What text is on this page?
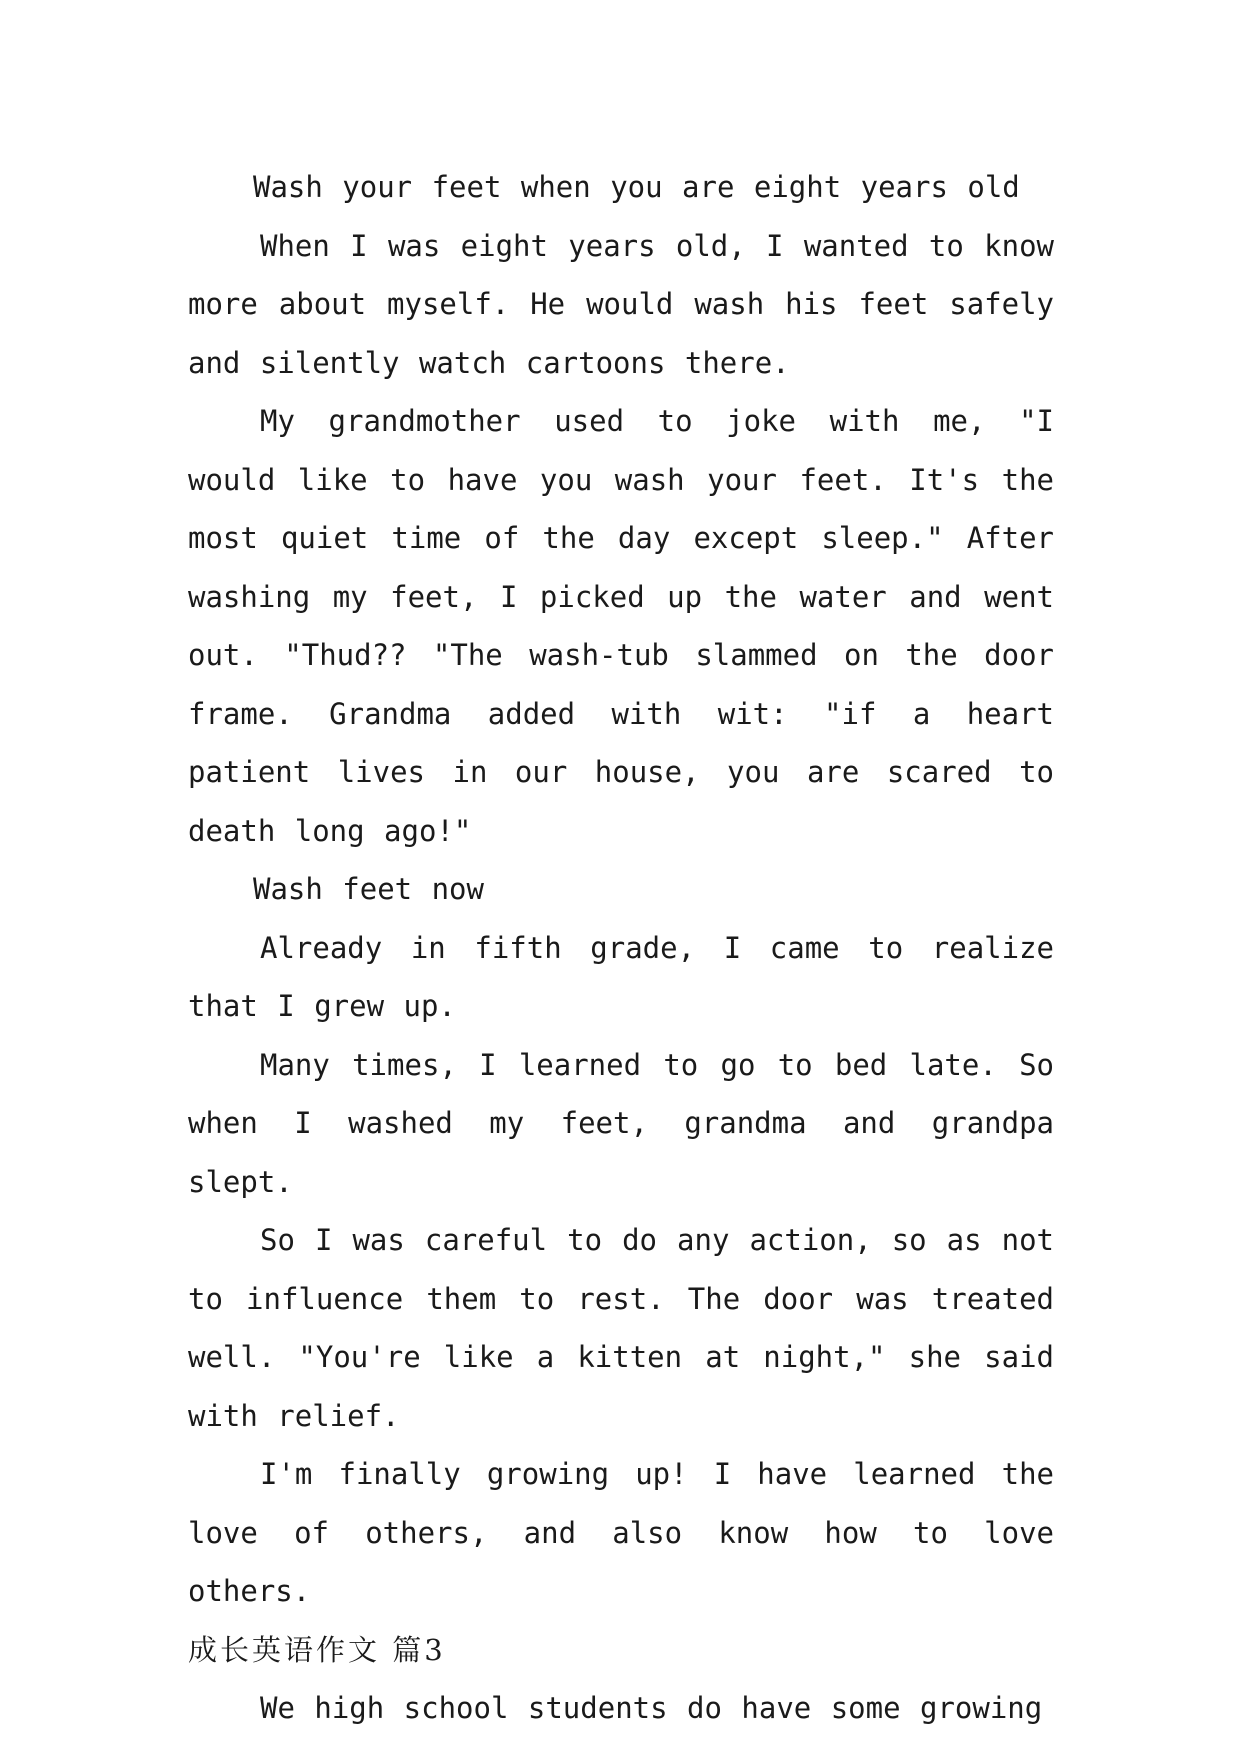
Wash your feet when you are eight years old

When I was eight years old, I wanted to know more about myself. He would wash his feet safely and silently watch cartoons there.

My grandmother used to joke with me, "I would like to have you wash your feet. It's the most quiet time of the day except sleep." After washing my feet, I picked up the water and went out. "Thud?? "The wash-tub slammed on the door frame. Grandma added with wit: "if a heart patient lives in our house, you are scared to death long ago!"

Wash feet now

Already in fifth grade, I came to realize that I grew up.

Many times, I learned to go to bed late. So when I washed my feet, grandma and grandpa slept.

So I was careful to do any action, so as not to influence them to rest. The door was treated well. "You're like a kitten at night," she said with relief.

I'm finally growing up! I have learned the love of others, and also know how to love others.

成长英语作文 篇3

We high school students do have some growing
